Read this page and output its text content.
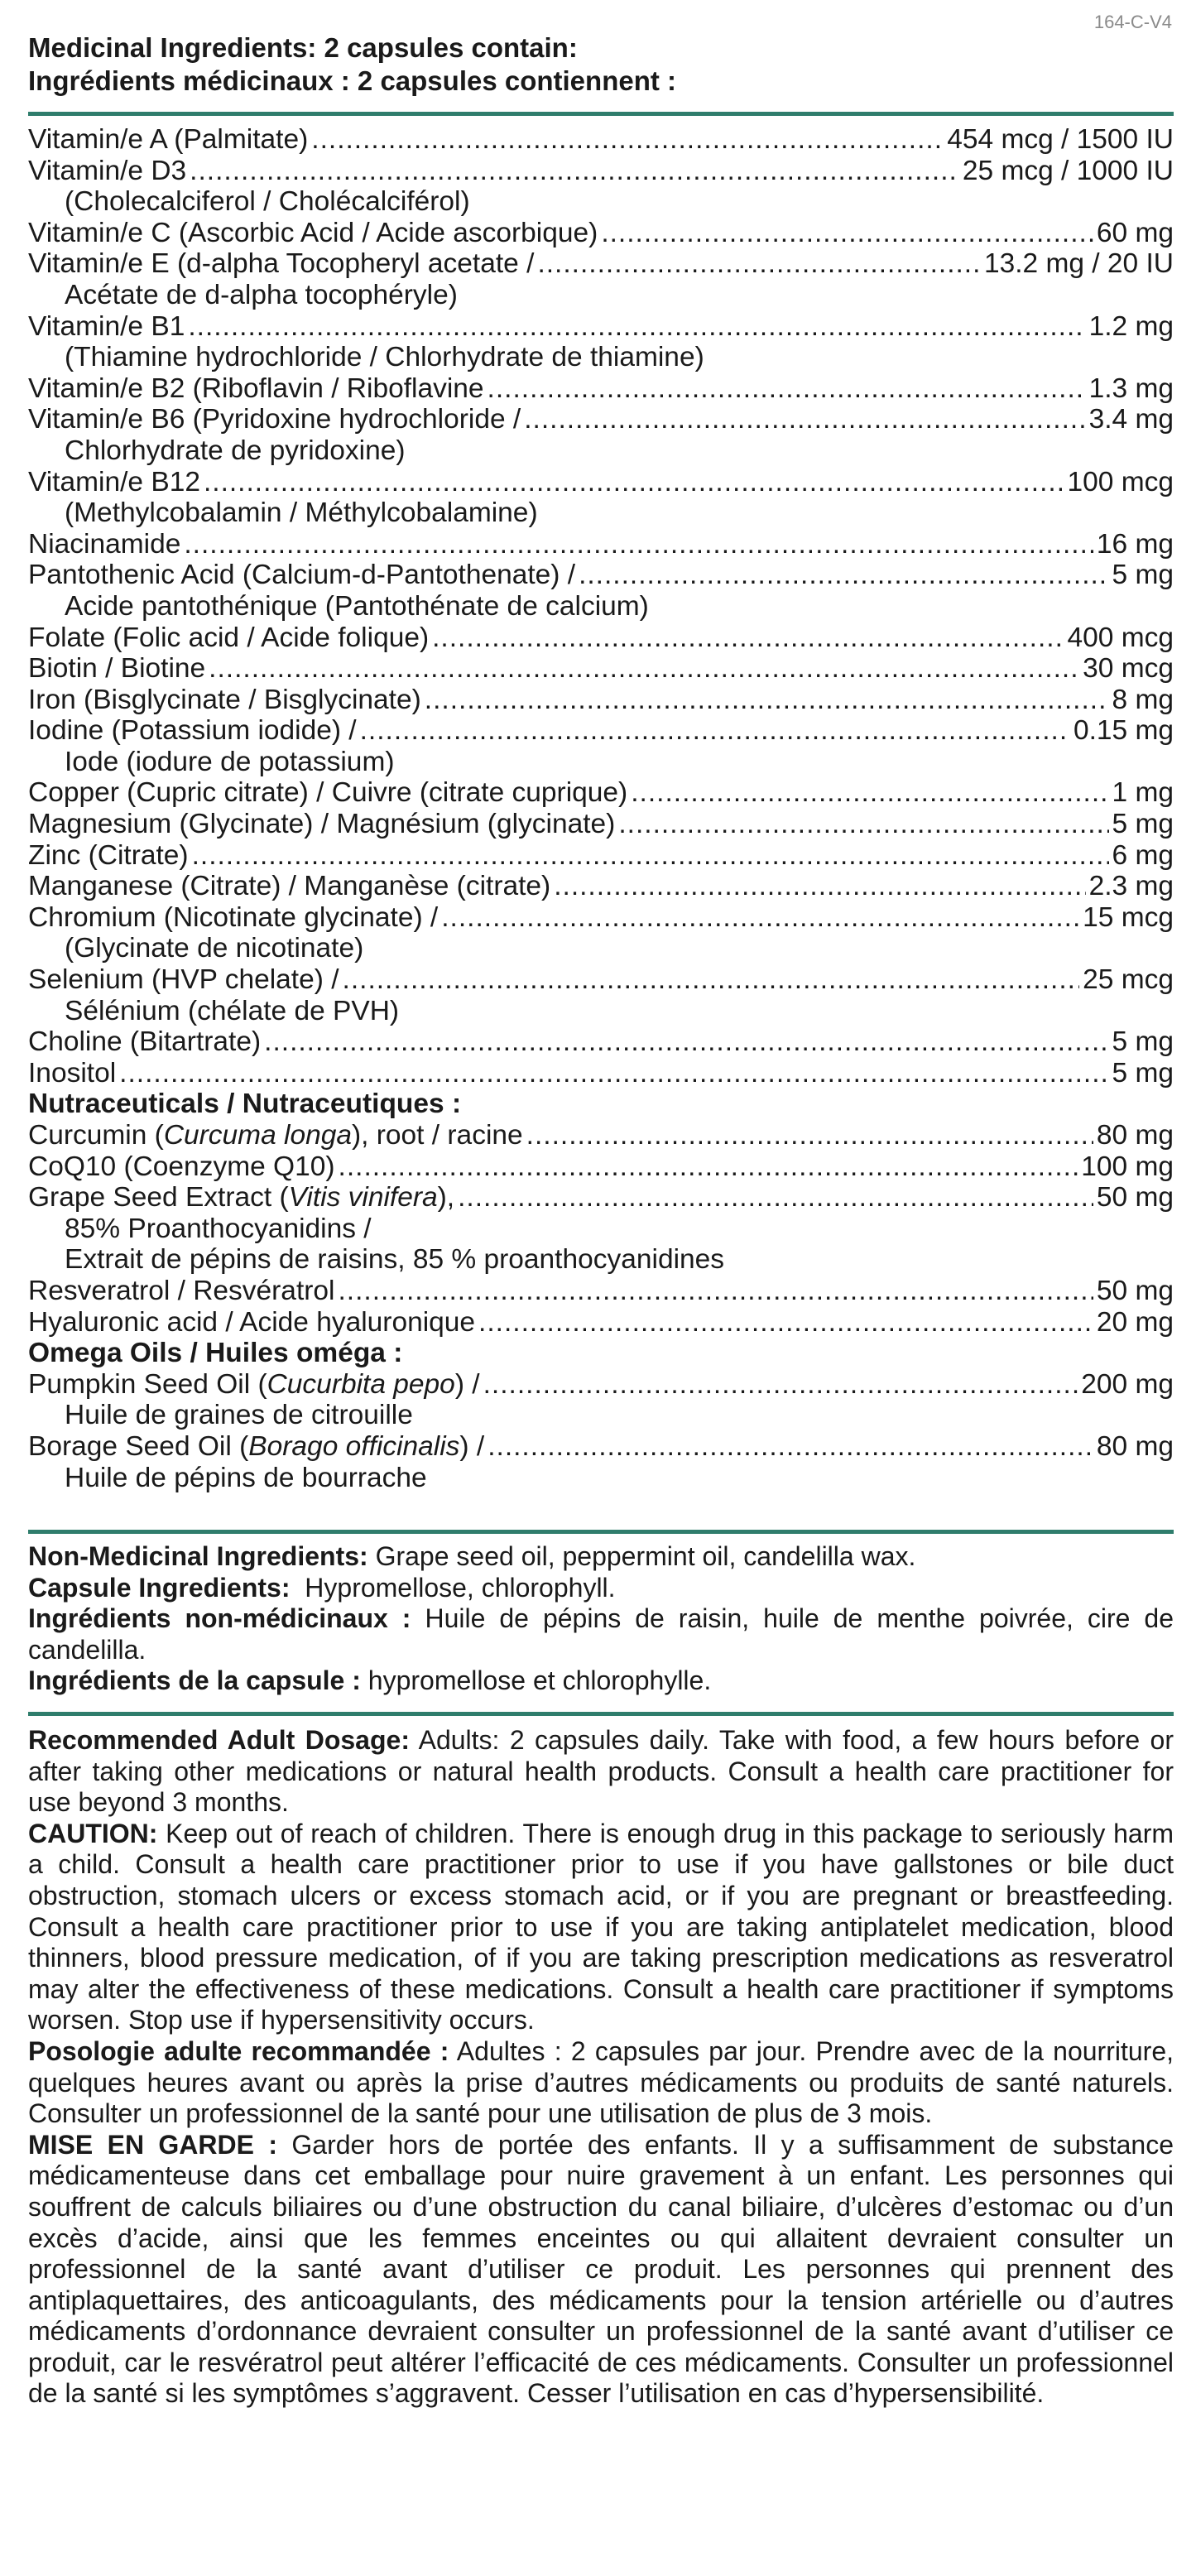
164-C-V4
Medicinal Ingredients: 2 capsules contain:
Ingrédients médicinaux : 2 capsules contiennent :
Vitamin/e A (Palmitate) .....	454 mcg / 1500 IU
Vitamin/e D3 .....	25 mcg / 1000 IU
(Cholecalciferol / Cholécalciférol)
Vitamin/e C (Ascorbic Acid / Acide ascorbique) .....	60 mg
Vitamin/e E (d-alpha Tocopheryl acetate / .....	13.2 mg / 20 IU
Acétate de d-alpha tocophéryle)
Vitamin/e B1 .....	1.2 mg
(Thiamine hydrochloride / Chlorhydrate de thiamine)
Vitamin/e B2 (Riboflavin / Riboflavine .....	1.3 mg
Vitamin/e B6 (Pyridoxine hydrochloride / .....	3.4 mg
Chlorhydrate de pyridoxine)
Vitamin/e B12 .....	100 mcg
(Methylcobalamin / Méthylcobalamine)
Niacinamide .....	16 mg
Pantothenic Acid (Calcium-d-Pantothenate) / .....	5 mg
Acide pantothénique (Pantothénate de calcium)
Folate (Folic acid / Acide folique) .....	400 mcg
Biotin / Biotine .....	30 mcg
Iron (Bisglycinate / Bisglycinate) .....	8 mg
Iodine (Potassium iodide) / .....	0.15 mg
Iode (iodure de potassium)
Copper (Cupric citrate) / Cuivre (citrate cuprique) .....	1 mg
Magnesium (Glycinate) / Magnésium (glycinate) .....	5 mg
Zinc (Citrate) .....	6 mg
Manganese (Citrate) / Manganèse (citrate) .....	2.3 mg
Chromium (Nicotinate glycinate) / .....	15 mcg
(Glycinate de nicotinate)
Selenium (HVP chelate) / .....	25 mcg
Sélénium (chélate de PVH)
Choline (Bitartrate) .....	5 mg
Inositol .....	5 mg
Nutraceuticals / Nutraceutiques :
Curcumin (Curcuma longa), root / racine .....	80 mg
CoQ10 (Coenzyme Q10) .....	100 mg
Grape Seed Extract (Vitis vinifera), .....	50 mg
85% Proanthocyanidins /
Extrait de pépins de raisins, 85 % proanthocyanidines
Resveratrol / Resvératrol .....	50 mg
Hyaluronic acid / Acide hyaluronique .....	20 mg
Omega Oils / Huiles oméga :
Pumpkin Seed Oil (Cucurbita pepo) / .....	200 mg
Huile de graines de citrouille
Borage Seed Oil (Borago officinalis) / .....	80 mg
Huile de pépins de bourrache

Non-Medicinal Ingredients: Grape seed oil, peppermint oil, candelilla wax.

Capsule Ingredients:  Hypromellose, chlorophyll.

Ingrédients non-médicinaux : Huile de pépins de raisin, huile de menthe poivrée, cire de candelilla.

Ingrédients de la capsule : hypromellose et chlorophylle.

Recommended Adult Dosage: Adults: 2 capsules daily. Take with food, a few hours before or after taking other medications or natural health products. Consult a health care practitioner for use beyond 3 months.

CAUTION: Keep out of reach of children. There is enough drug in this package to seriously harm a child. Consult a health care practitioner prior to use if you have gallstones or bile duct obstruction, stomach ulcers or excess stomach acid, or if you are pregnant or breastfeeding. Consult a health care practitioner prior to use if you are taking antiplatelet medication, blood thinners, blood pressure medication, of if you are taking prescription medications as resveratrol may alter the effectiveness of these medications. Consult a health care practitioner if symptoms worsen. Stop use if hypersensitivity occurs.

Posologie adulte recommandée : Adultes : 2 capsules par jour. Prendre avec de la nourriture, quelques heures avant ou après la prise d’autres médicaments ou produits de santé naturels. Consulter un professionnel de la santé pour une utilisation de plus de 3 mois.

MISE EN GARDE : Garder hors de portée des enfants. Il y a suffisamment de substance médicamenteuse dans cet emballage pour nuire gravement à un enfant. Les personnes qui souffrent de calculs biliaires ou d’une obstruction du canal biliaire, d’ulcères d’estomac ou d’un excès d’acide, ainsi que les femmes enceintes ou qui allaitent devraient consulter un professionnel de la santé avant d’utiliser ce produit. Les personnes qui prennent des antiplaquettaires, des anticoagulants, des médicaments pour la tension artérielle ou d’autres médicaments d’ordonnance devraient consulter un professionnel de la santé avant d’utiliser ce produit, car le resvératrol peut altérer l’efficacité de ces médicaments. Consulter un professionnel de la santé si les symptômes s’aggravent. Cesser l’utilisation en cas d’hypersensibilité.
